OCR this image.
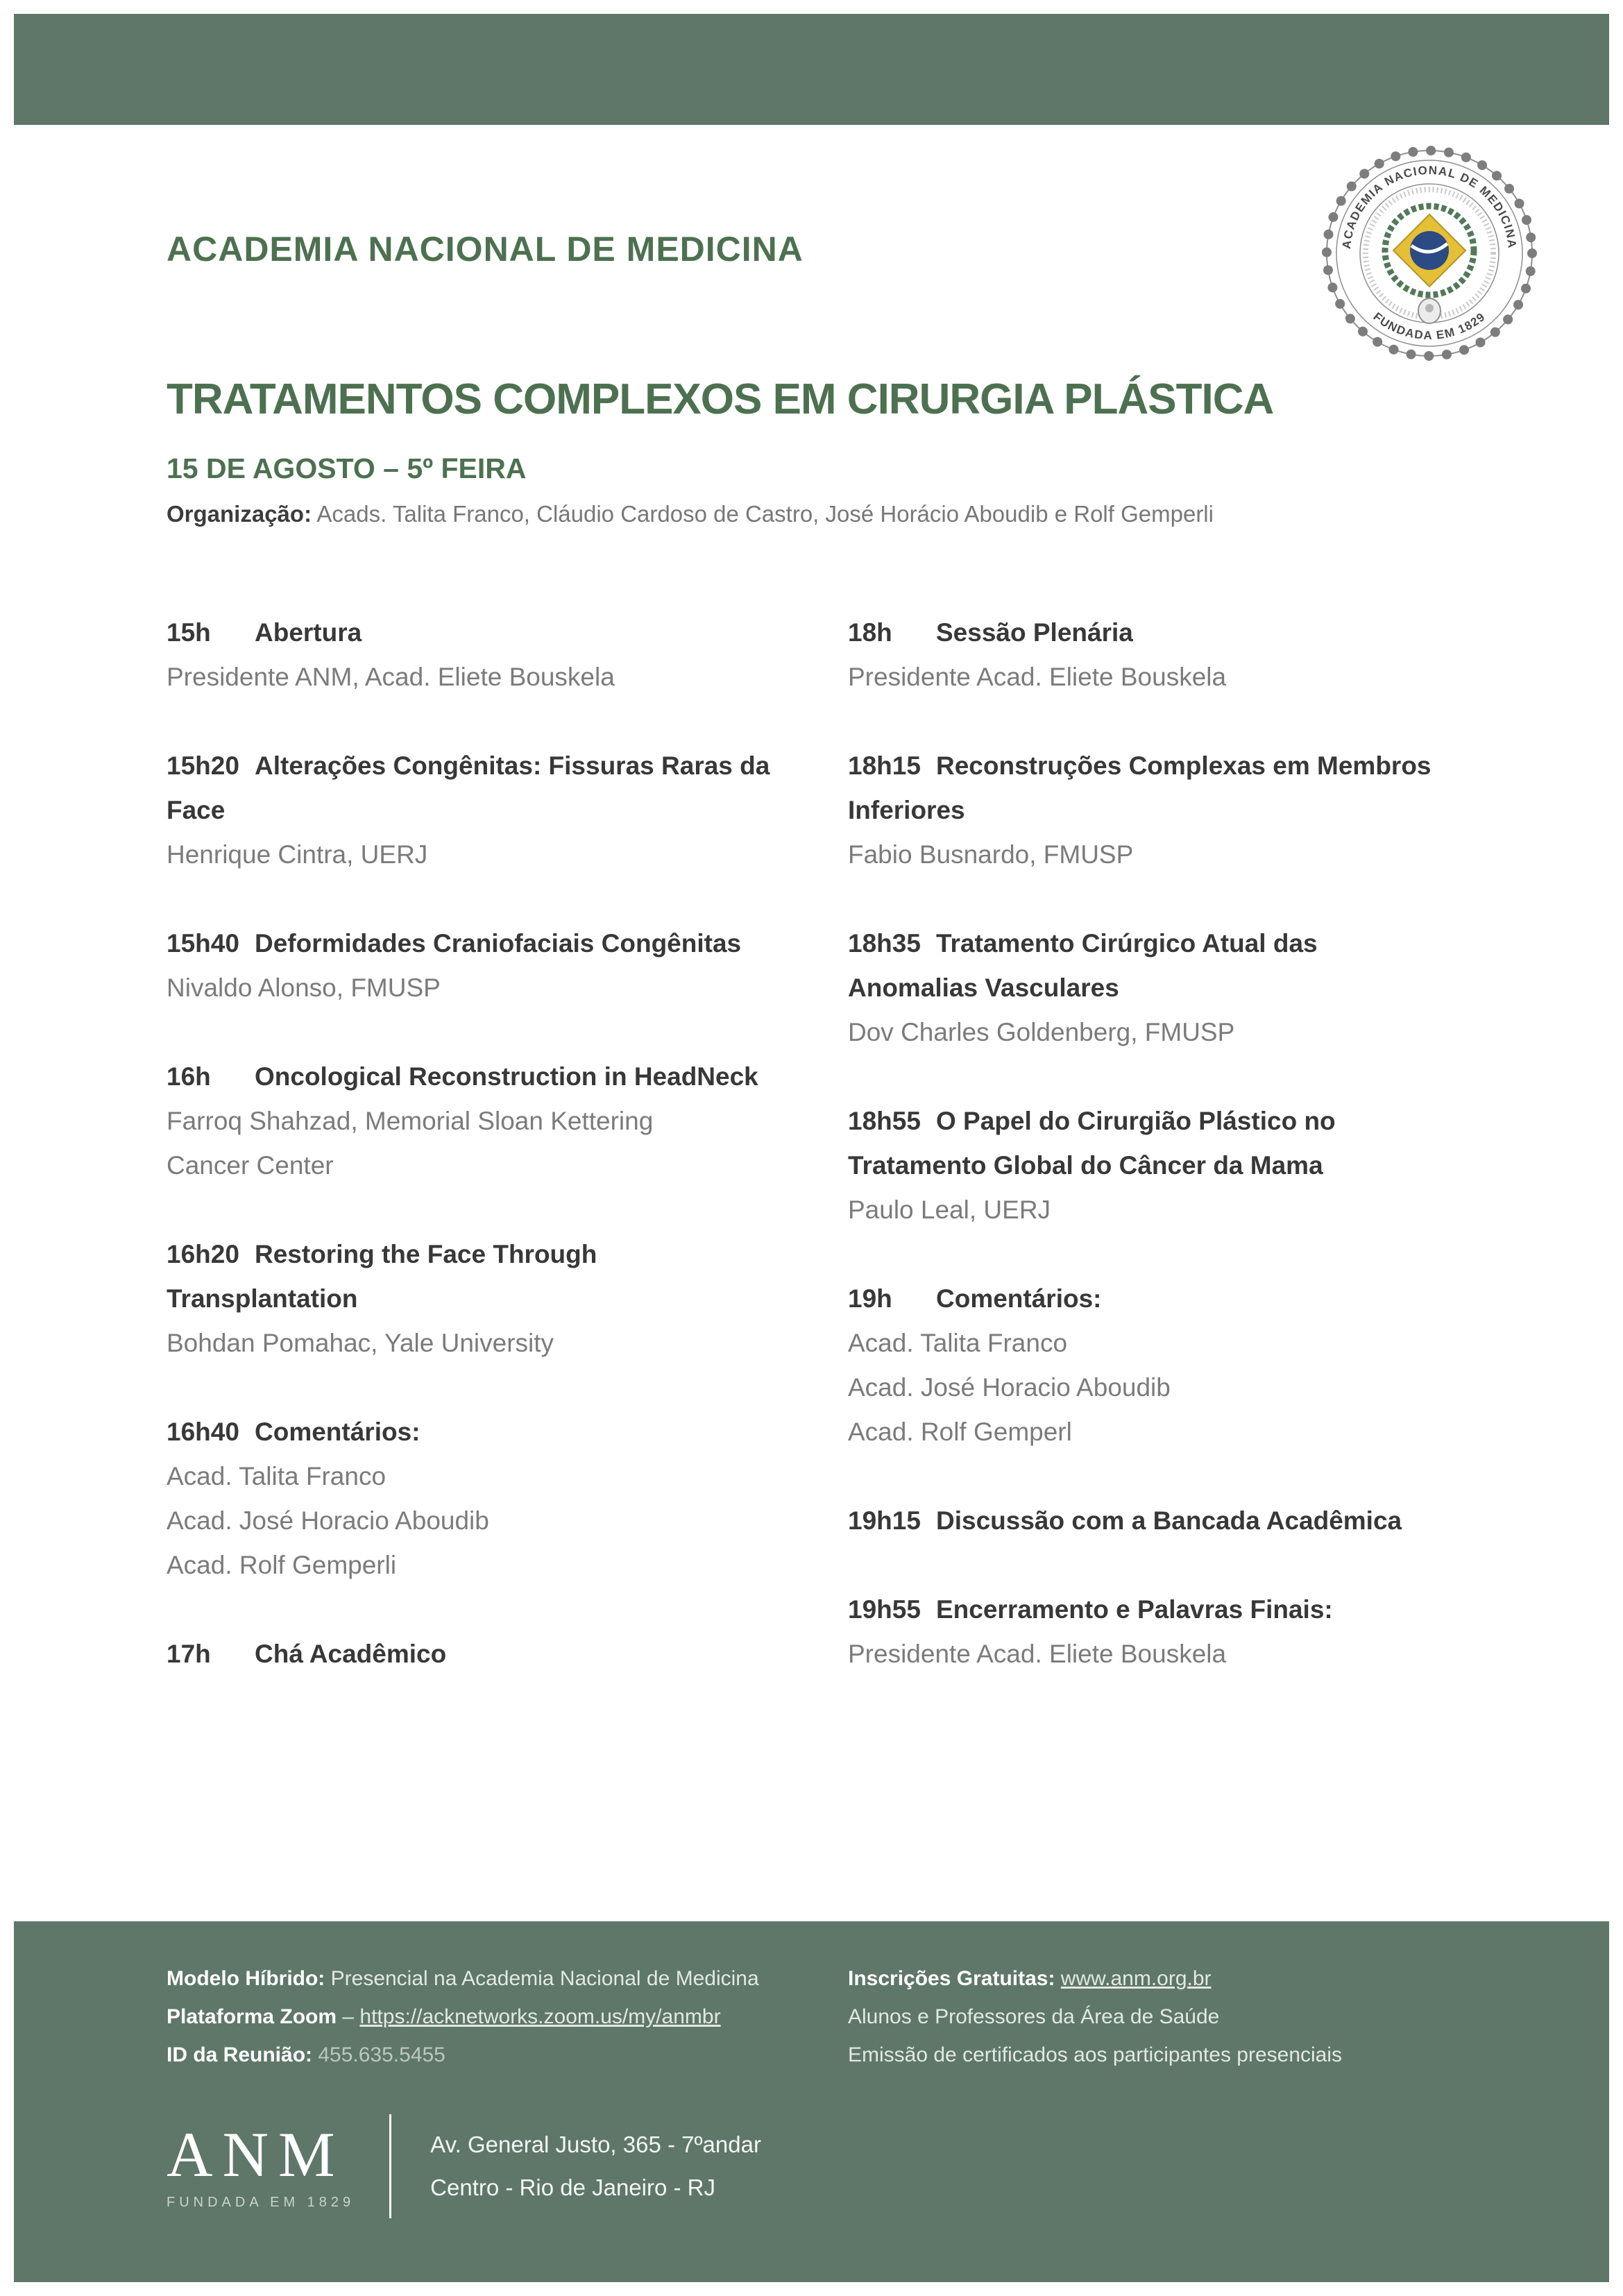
ACADEMIA NACIONAL DE MEDICINA	ACADEMIA NACIONAL DE MEDICINA
FUNDADA EM 1829
TRATAMENTOS COMPLEXOS EM CIRURGIA PLÁSTICA
15 DE AGOSTO – 5º FEIRA
Organização: Acads. Talita Franco, Cláudio Cardoso de Castro, José Horácio Aboudib e Rolf Gemperli
15h Abertura
Presidente ANM, Acad. Eliete Bouskela
15h20 Alterações Congênitas: Fissuras Raras da
Face
Henrique Cintra, UERJ
15h40 Deformidades Craniofaciais Congênitas
Nivaldo Alonso, FMUSP
16h Oncological Reconstruction in HeadNeck
Farroq Shahzad, Memorial Sloan Kettering
Cancer Center
16h20 Restoring the Face Through
Transplantation
Bohdan Pomahac, Yale University
16h40 Comentários:
Acad. Talita Franco
Acad. José Horacio Aboudib
Acad. Rolf Gemperli
17h Chá Acadêmico
18h Sessão Plenária
Presidente Acad. Eliete Bouskela
18h15 Reconstruções Complexas em Membros
Inferiores
Fabio Busnardo, FMUSP
18h35 Tratamento Cirúrgico Atual das
Anomalias Vasculares
Dov Charles Goldenberg, FMUSP
18h55 O Papel do Cirurgião Plástico no
Tratamento Global do Câncer da Mama
Paulo Leal, UERJ
19h Comentários:
Acad. Talita Franco
Acad. José Horacio Aboudib
Acad. Rolf Gemperl
19h15 Discussão com a Bancada Acadêmica
19h55 Encerramento e Palavras Finais:
Presidente Acad. Eliete Bouskela
Modelo Híbrido: Presencial na Academia Nacional de Medicina
Plataforma Zoom – https://acknetworks.zoom.us/my/anmbr
ID da Reunião: 455.635.5455
Inscrições Gratuitas: www.anm.org.br
Alunos e Professores da Área de Saúde
Emissão de certificados aos participantes presenciais
ANM
FUNDADA EM 1829
Av. General Justo, 365 - 7ºandar
Centro - Rio de Janeiro - RJ
